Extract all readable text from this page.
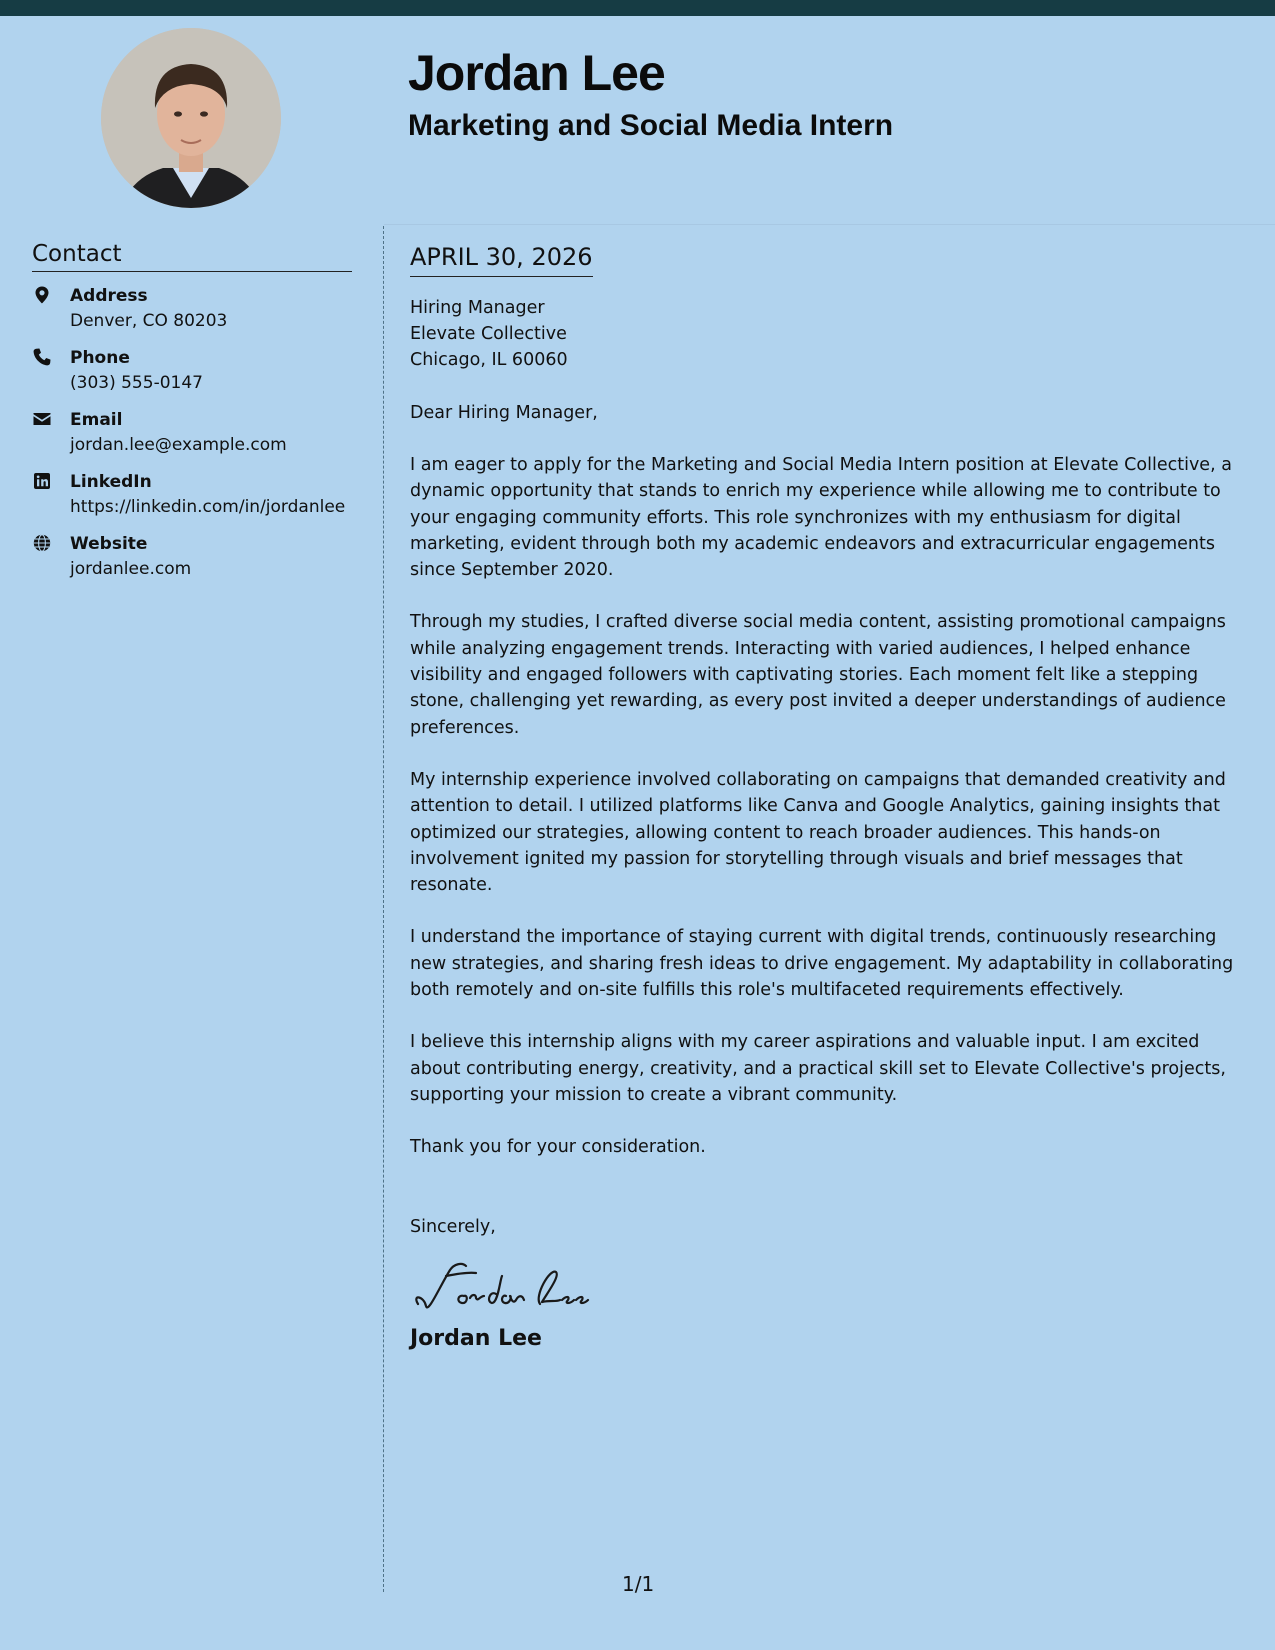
Jordan Lee
Marketing and Social Media Intern
Contact
Address
Denver, CO 80203
Phone
(303) 555-0147
Email
jordan.lee@example.com
LinkedIn
https://linkedin.com/in/jordanlee
Website
jordanlee.com
APRIL 30, 2026
Hiring Manager
Elevate Collective
Chicago, IL 60060

Dear Hiring Manager,

I am eager to apply for the Marketing and Social Media Intern position at Elevate Collective, a dynamic opportunity that stands to enrich my experience while allowing me to contribute to your engaging community efforts. This role synchronizes with my enthusiasm for digital marketing, evident through both my academic endeavors and extracurricular engagements since September 2020.

Through my studies, I crafted diverse social media content, assisting promotional campaigns while analyzing engagement trends. Interacting with varied audiences, I helped enhance visibility and engaged followers with captivating stories. Each moment felt like a stepping stone, challenging yet rewarding, as every post invited a deeper understandings of audience preferences.

My internship experience involved collaborating on campaigns that demanded creativity and attention to detail. I utilized platforms like Canva and Google Analytics, gaining insights that optimized our strategies, allowing content to reach broader audiences. This hands-on involvement ignited my passion for storytelling through visuals and brief messages that resonate.

I understand the importance of staying current with digital trends, continuously researching new strategies, and sharing fresh ideas to drive engagement. My adaptability in collaborating both remotely and on-site fulfills this role's multifaceted requirements effectively.

I believe this internship aligns with my career aspirations and valuable input. I am excited about contributing energy, creativity, and a practical skill set to Elevate Collective's projects, supporting your mission to create a vibrant community.

Thank you for your consideration.

Sincerely,

Jordan Lee
1/1
